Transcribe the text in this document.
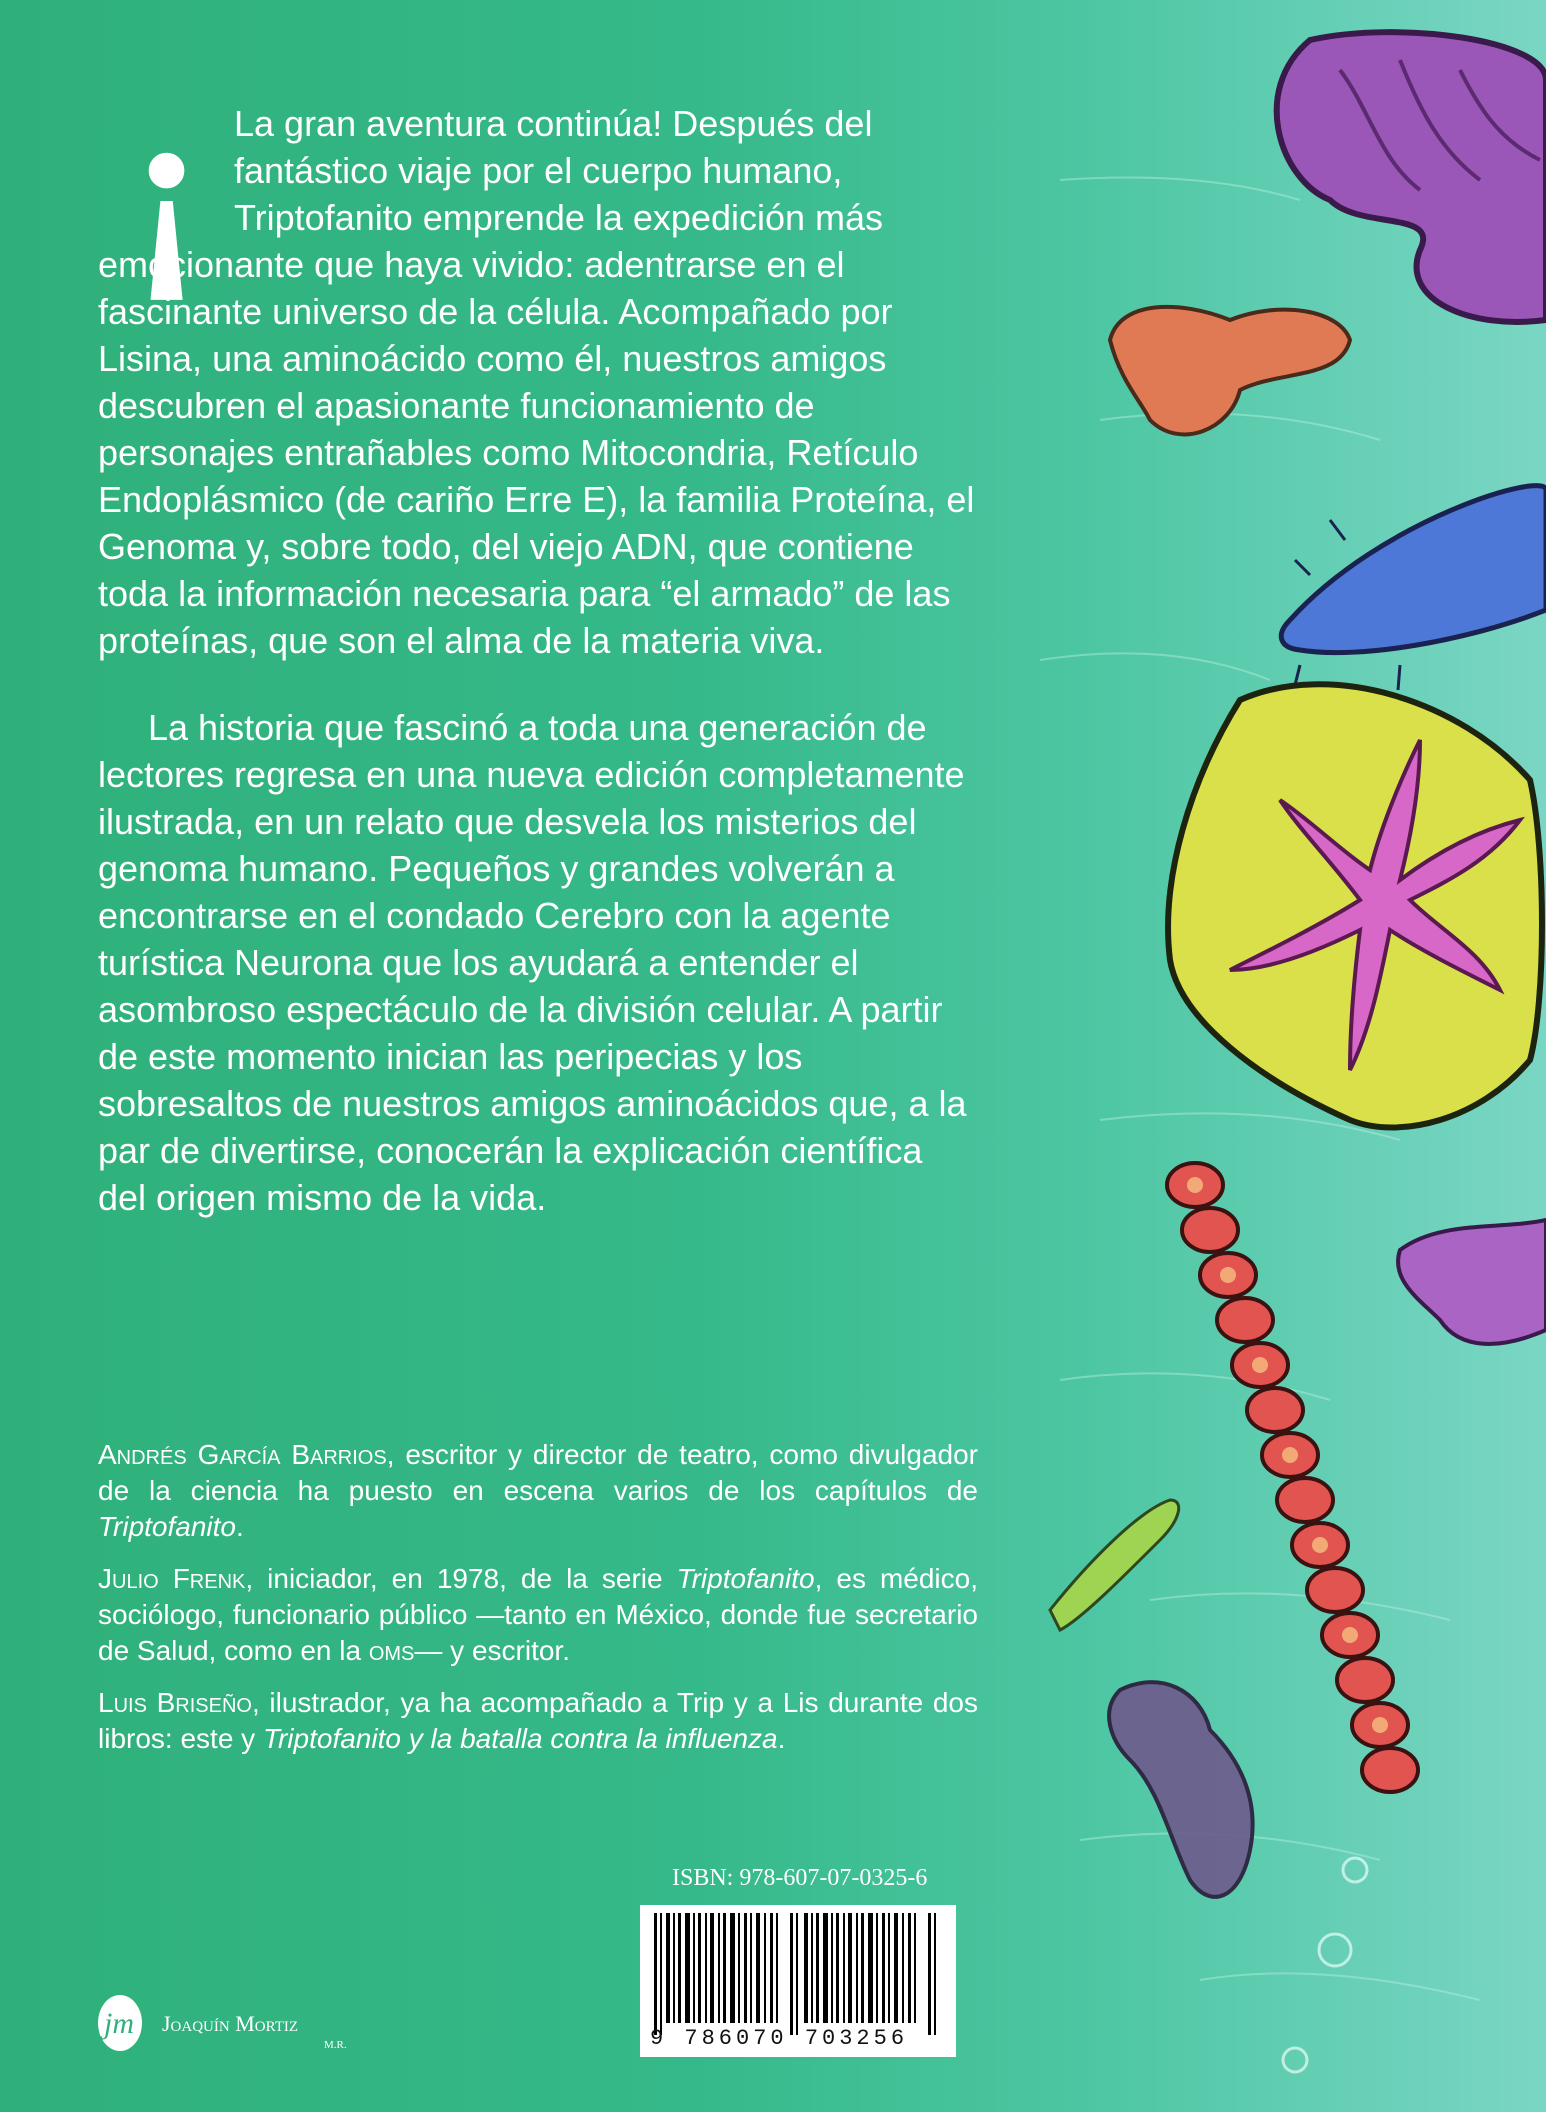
¡ La gran aventura continúa! Después del
fantástico viaje por el cuerpo humano,
Triptofanito emprende la expedición más
emocionante que haya vivido: adentrarse en el fascinante universo de la célula. Acompañado por Lisina, una aminoácido como él, nuestros amigos descubren el apasionante funcionamiento de personajes entrañables como Mitocondria, Retículo Endoplásmico (de cariño Erre E), la familia Proteína, el Genoma y, sobre todo, del viejo ADN, que contiene toda la información necesaria para “el armado” de las proteínas, que son el alma de la materia viva.

La historia que fascinó a toda una generación de lectores regresa en una nueva edición completamente ilustrada, en un relato que desvela los misterios del genoma humano. Pequeños y grandes volverán a encontrarse en el condado Cerebro con la agente turística Neurona que los ayudará a entender el asombroso espectáculo de la división celular. A partir de este momento inician las peripecias y los sobresaltos de nuestros amigos aminoácidos que, a la par de divertirse, conocerán la explicación científica del origen mismo de la vida.

Andrés García Barrios, escritor y director de teatro, como divulgador de la ciencia ha puesto en escena varios de los capítulos de Triptofanito.

Julio Frenk, iniciador, en 1978, de la serie Triptofanito, es médico, sociólogo, funcionario público —tanto en México, donde fue secretario de Salud, como en la oms— y escritor.

Luis Briseño, ilustrador, ya ha acompañado a Trip y a Lis durante dos libros: este y Triptofanito y la batalla contra la influenza.

ISBN: 978-607-07-0325-6
9 786070 703256
jm Joaquín Mortiz
M.R.
